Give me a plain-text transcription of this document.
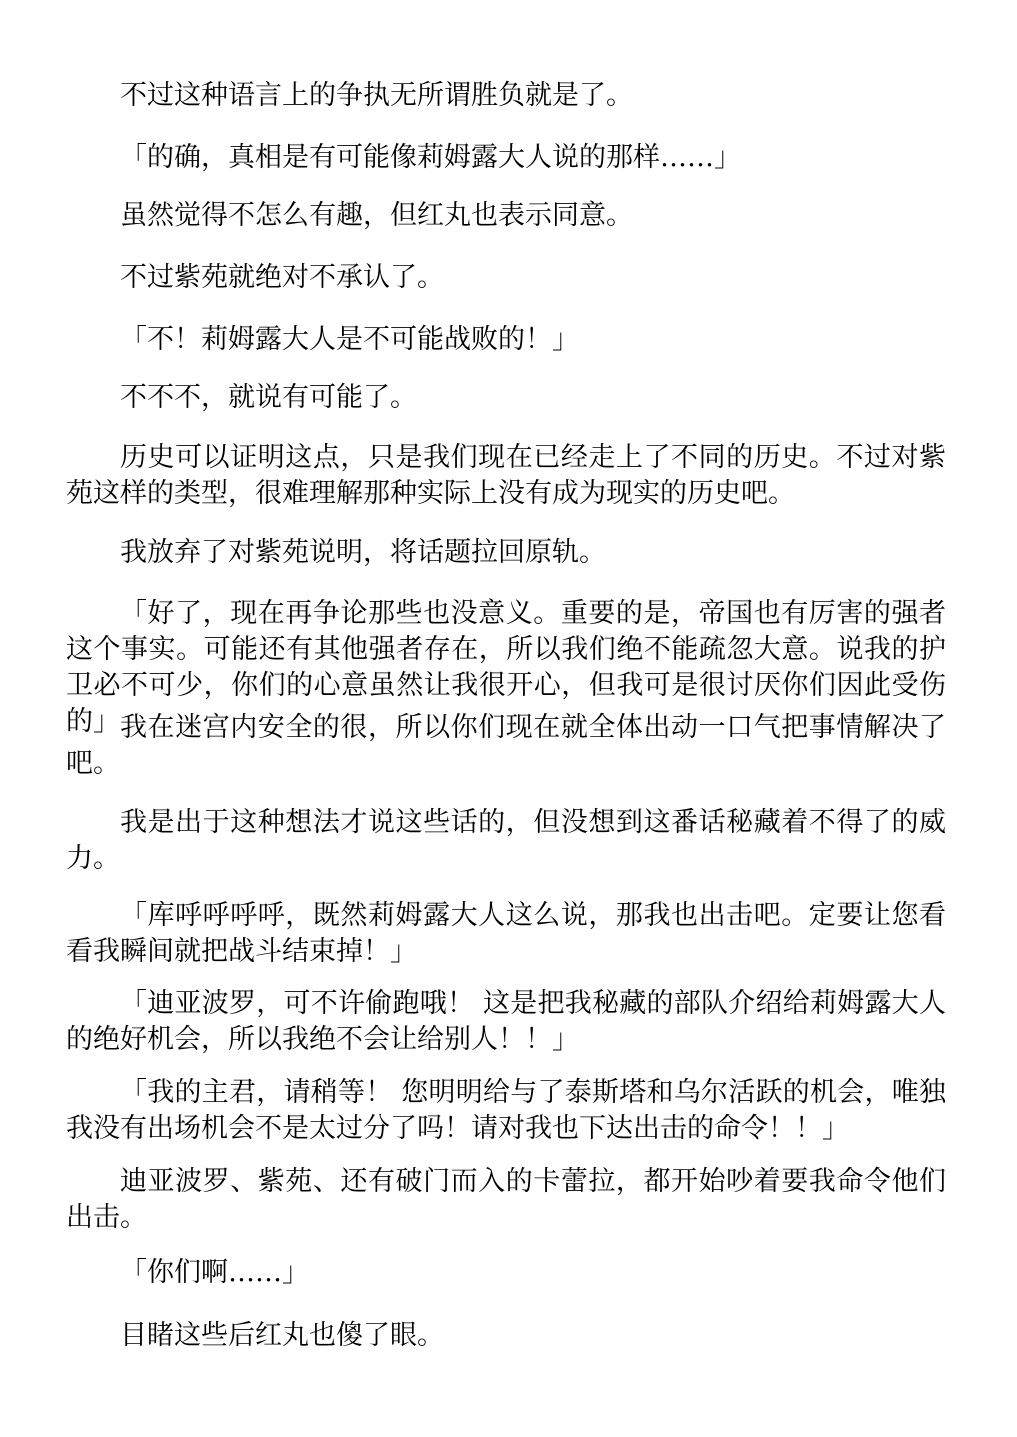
不过这种语言上的争执无所谓胜负就是了。

「的确，真相是有可能像莉姆露大人说的那样……」

虽然觉得不怎么有趣，但红丸也表示同意。

不过紫苑就绝对不承认了。

「不！莉姆露大人是不可能战败的！」

不不不，就说有可能了。

历史可以证明这点，只是我们现在已经走上了不同的历史。不过对紫苑这样的类型，很难理解那种实际上没有成为现实的历史吧。

我放弃了对紫苑说明，将话题拉回原轨。

「好了，现在再争论那些也没意义。重要的是，帝国也有厉害的强者这个事实。可能还有其他强者存在，所以我们绝不能疏忽大意。说我的护卫必不可少，你们的心意虽然让我很开心，但我可是很讨厌你们因此受伤的」 我在迷宫内安全的很，所以你们现在就全体出动一口气把事情解决了吧。

我是出于这种想法才说这些话的，但没想到这番话秘藏着不得了的威力。

「库呼呼呼呼，既然莉姆露大人这么说，那我也出击吧。定要让您看看我瞬间就把战斗结束掉！」

「迪亚波罗，可不许偷跑哦！ 这是把我秘藏的部队介绍给莉姆露大人的绝好机会，所以我绝不会让给别人！！」

「我的主君，请稍等！ 您明明给与了泰斯塔和乌尔活跃的机会，唯独我没有出场机会不是太过分了吗！请对我也下达出击的命令！！」

迪亚波罗、紫苑、还有破门而入的卡蕾拉，都开始吵着要我命令他们出击。

「你们啊……」

目睹这些后红丸也傻了眼。
